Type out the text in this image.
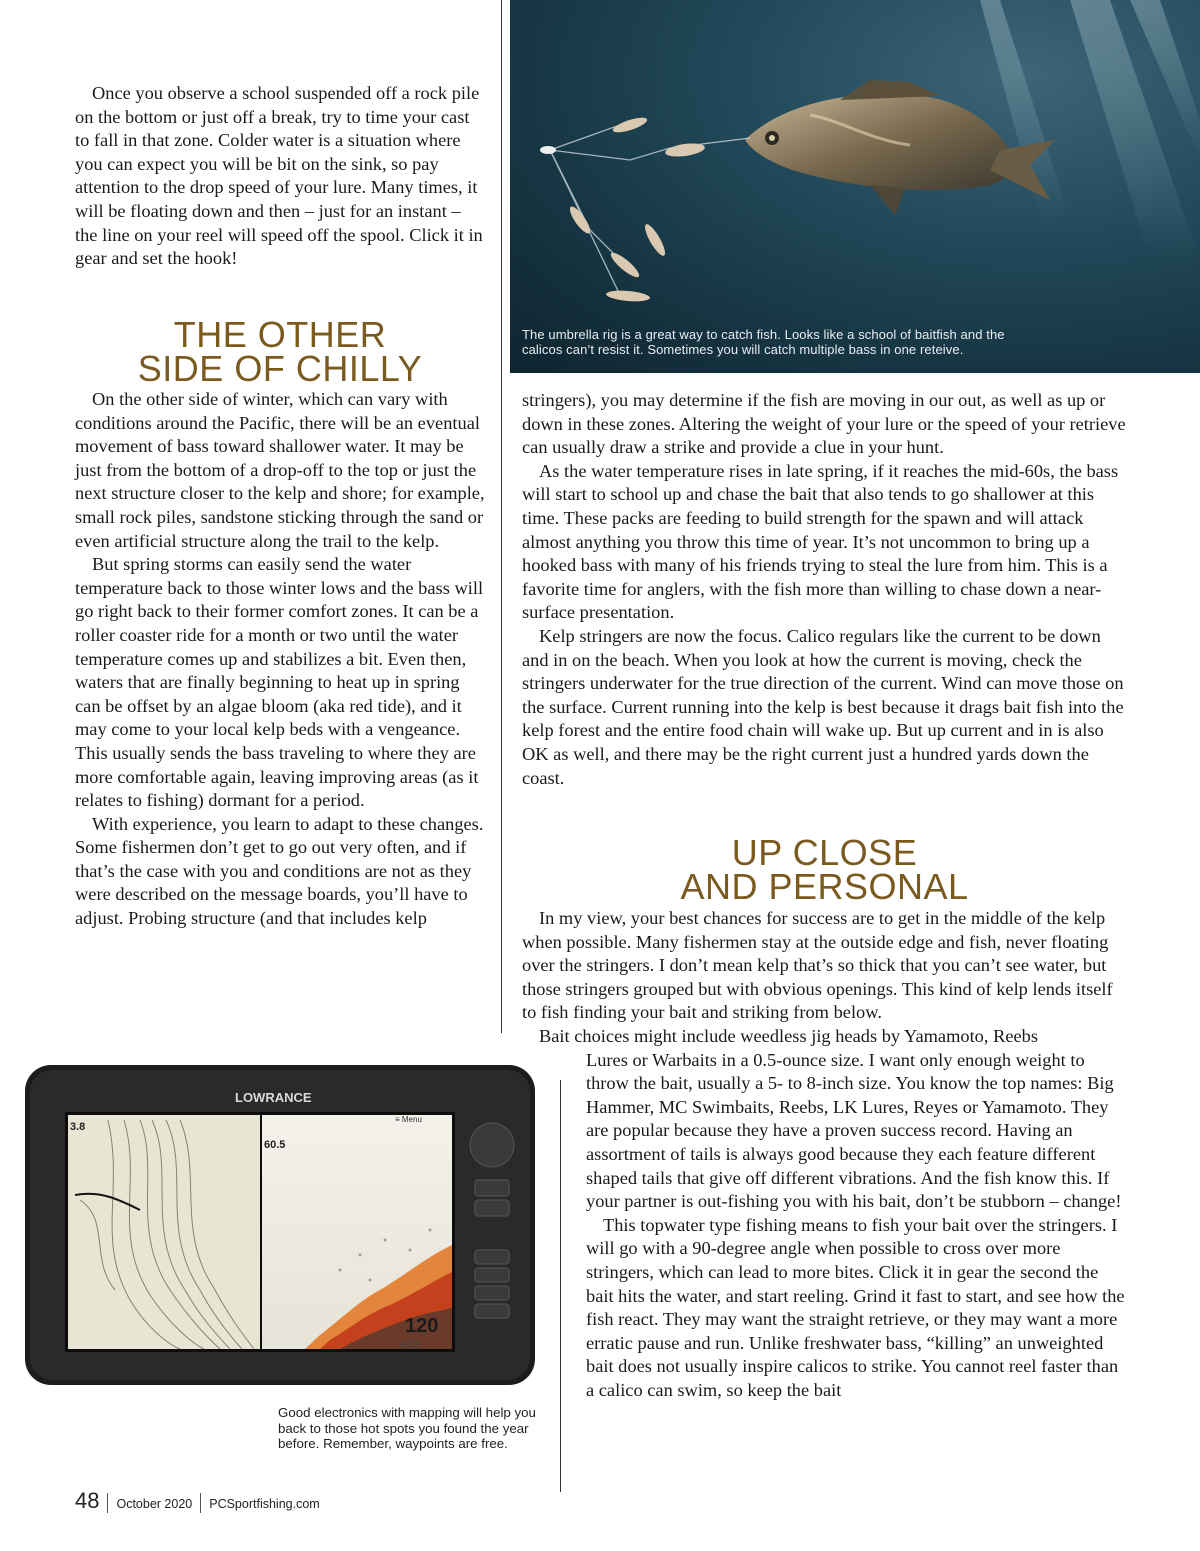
Once you observe a school suspended off a rock pile on the bottom or just off a break, try to time your cast to fall in that zone. Colder water is a situation where you can expect you will be bit on the sink, so pay attention to the drop speed of your lure. Many times, it will be floating down and then – just for an instant – the line on your reel will speed off the spool. Click it in gear and set the hook!

THE OTHER
SIDE OF CHILLY

On the other side of winter, which can vary with conditions around the Pacific, there will be an eventual movement of bass toward shallower water. It may be just from the bottom of a drop-off to the top or just the next structure closer to the kelp and shore; for example, small rock piles, sandstone sticking through the sand or even artificial structure along the trail to the kelp.

But spring storms can easily send the water temperature back to those winter lows and the bass will go right back to their former comfort zones. It can be a roller coaster ride for a month or two until the water temperature comes up and stabilizes a bit. Even then, waters that are finally beginning to heat up in spring can be offset by an algae bloom (aka red tide), and it may come to your local kelp beds with a vengeance. This usually sends the bass traveling to where they are more comfortable again, leaving improving areas (as it relates to fishing) dormant for a period.

With experience, you learn to adapt to these changes. Some fishermen don’t get to go out very often, and if that’s the case with you and conditions are not as they were described on the message boards, you’ll have to adjust. Probing structure (and that includes kelp

The umbrella rig is a great way to catch fish. Looks like a school of baitfish and the
calicos can’t resist it. Sometimes you will catch multiple bass in one reteive.

stringers), you may determine if the fish are moving in our out, as well as up or down in these zones. Altering the weight of your lure or the speed of your retrieve can usually draw a strike and provide a clue in your hunt.

As the water temperature rises in late spring, if it reaches the mid-60s, the bass will start to school up and chase the bait that also tends to go shallower at this time. These packs are feeding to build strength for the spawn and will attack almost anything you throw this time of year. It’s not uncommon to bring up a hooked bass with many of his friends trying to steal the lure from him. This is a favorite time for anglers, with the fish more than willing to chase down a near-surface presentation.

Kelp stringers are now the focus. Calico regulars like the current to be down and in on the beach. When you look at how the current is moving, check the stringers underwater for the true direction of the current. Wind can move those on the surface. Current running into the kelp is best because it drags bait fish into the kelp forest and the entire food chain will wake up. But up current and in is also OK as well, and there may be the right current just a hundred yards down the coast.

UP CLOSE
AND PERSONAL

In my view, your best chances for success are to get in the middle of the kelp when possible. Many fishermen stay at the outside edge and fish, never floating over the stringers. I don’t mean kelp that’s so thick that you can’t see water, but those stringers grouped but with obvious openings. This kind of kelp lends itself to fish finding your bait and striking from below.

Bait choices might include weedless jig heads by Yamamoto, Reebs

Lures or Warbaits in a 0.5-ounce size. I want only enough weight to throw the bait, usually a 5- to 8-inch size. You know the top names: Big Hammer, MC Swimbaits, Reebs, LK Lures, Reyes or Yamamoto. They are popular because they have a proven success record. Having an assortment of tails is always good because they each feature different shaped tails that give off different vibrations. And the fish know this. If your partner is out-fishing you with his bait, don’t be stubborn – change!

This topwater type fishing means to fish your bait over the stringers. I will go with a 90-degree angle when possible to cross over more stringers, which can lead to more bites. Click it in gear the second the bait hits the water, and start reeling. Grind it fast to start, and see how the fish react. They may want the straight retrieve, or they may want a more erratic pause and run. Unlike freshwater bass, “killing” an unweighted bait does not usually inspire calicos to strike. You cannot reel faster than a calico can swim, so keep the bait

LOWRANCE
3.8
60.5
≡ Menu
120
HDS
Good electronics with mapping will help you back to those hot spots you found the year before. Remember, waypoints are free.
48 October 2020 PCSportfishing.com
